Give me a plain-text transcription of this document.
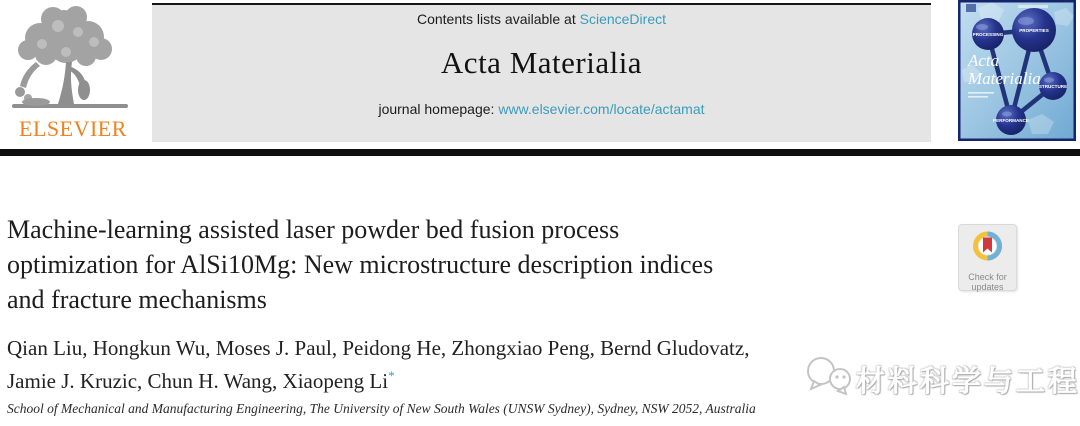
ELSEVIER
Contents lists available at ScienceDirect
Acta Materialia
journal homepage: www.elsevier.com/locate/actamat
PROCESSING
PROPERTIES
STRUCTURE
PERFORMANCE
Acta
Materialia
Machine-learning assisted laser powder bed fusion process
optimization for AlSi10Mg: New microstructure description indices
and fracture mechanisms
Check for
updates
Qian Liu, Hongkun Wu, Moses J. Paul, Peidong He, Zhongxiao Peng, Bernd Gludovatz,
Jamie J. Kruzic, Chun H. Wang, Xiaopeng Li*
School of Mechanical and Manufacturing Engineering, The University of New South Wales (UNSW Sydney), Sydney, NSW 2052, Australia
材料科学与工程
